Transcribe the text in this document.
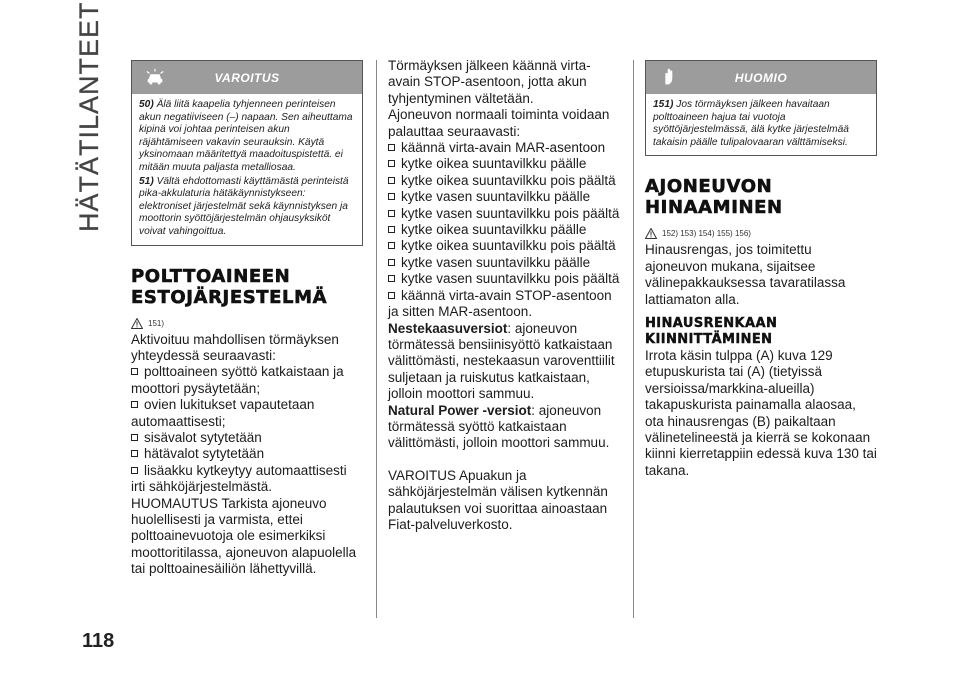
HÄTÄTILANTEET
118
VAROITUS

50) Älä liitä kaapelia tyhjenneen perinteisen akun negatiiviseen (–) napaan. Sen aiheuttama kipinä voi johtaa perinteisen akun räjähtämiseen vakavin seurauksin. Käytä yksinomaan määritettyä maadoituspistettä. ei mitään muuta paljasta metalliosaa.

51) Vältä ehdottomasti käyttämästä perinteistä pika-akkulaturia hätäkäynnistykseen: elektroniset järjestelmät sekä käynnistyksen ja moottorin syöttöjärjestelmän ohjausyksiköt voivat vahingoittua.

POLTTOAINEEN
ESTOJÄRJESTELMÄ
151)

Aktivoituu mahdollisen törmäyksen yhteydessä seuraavasti:

polttoaineen syöttö katkaistaan ja moottori pysäytetään;

ovien lukitukset vapautetaan automaattisesti;

sisävalot sytytetään

hätävalot sytytetään

lisäakku kytkeytyy automaattisesti irti sähköjärjestelmästä.

HUOMAUTUS Tarkista ajoneuvo huolellisesti ja varmista, ettei polttoainevuotoja ole esimerkiksi moottoritilassa, ajoneuvon alapuolella tai polttoainesäiliön lähettyvillä.

Törmäyksen jälkeen käännä virta-avain STOP-asentoon, jotta akun tyhjentyminen vältetään.

Ajoneuvon normaali toiminta voidaan palauttaa seuraavasti:

käännä virta-avain MAR-asentoon

kytke oikea suuntavilkku päälle

kytke oikea suuntavilkku pois päältä

kytke vasen suuntavilkku päälle

kytke vasen suuntavilkku pois päältä

kytke oikea suuntavilkku päälle

kytke oikea suuntavilkku pois päältä

kytke vasen suuntavilkku päälle

kytke vasen suuntavilkku pois päältä

käännä virta-avain STOP-asentoon ja sitten MAR-asentoon.

Nestekaasuversiot: ajoneuvon törmätessä bensiinisyöttö katkaistaan välittömästi, nestekaasun varoventtiilit suljetaan ja ruiskutus katkaistaan, jolloin moottori sammuu.

Natural Power -versiot: ajoneuvon törmätessä syöttö katkaistaan välittömästi, jolloin moottori sammuu.

VAROITUS Apuakun ja sähköjärjestelmän välisen kytkennän palautuksen voi suorittaa ainoastaan Fiat-palveluverkosto.

HUOMIO

151) Jos törmäyksen jälkeen havaitaan polttoaineen hajua tai vuotoja syöttöjärjestelmässä, älä kytke järjestelmää takaisin päälle tulipalovaaran välttämiseksi.

AJONEUVON
HINAAMINEN
152) 153) 154) 155) 156)

Hinausrengas, jos toimitettu ajoneuvon mukana, sijaitsee välinepakkauksessa tavaratilassa lattiamaton alla.

HINAUSRENKAAN
KIINNITTÄMINEN

Irrota käsin tulppa (A) kuva 129 etupuskurista tai (A) (tietyissä versioissa/markkina-alueilla) takapuskurista painamalla alaosaa, ota hinausrengas (B) paikaltaan välinetelineestä ja kierrä se kokonaan kiinni kierretappiin edessä kuva 130 tai takana.
